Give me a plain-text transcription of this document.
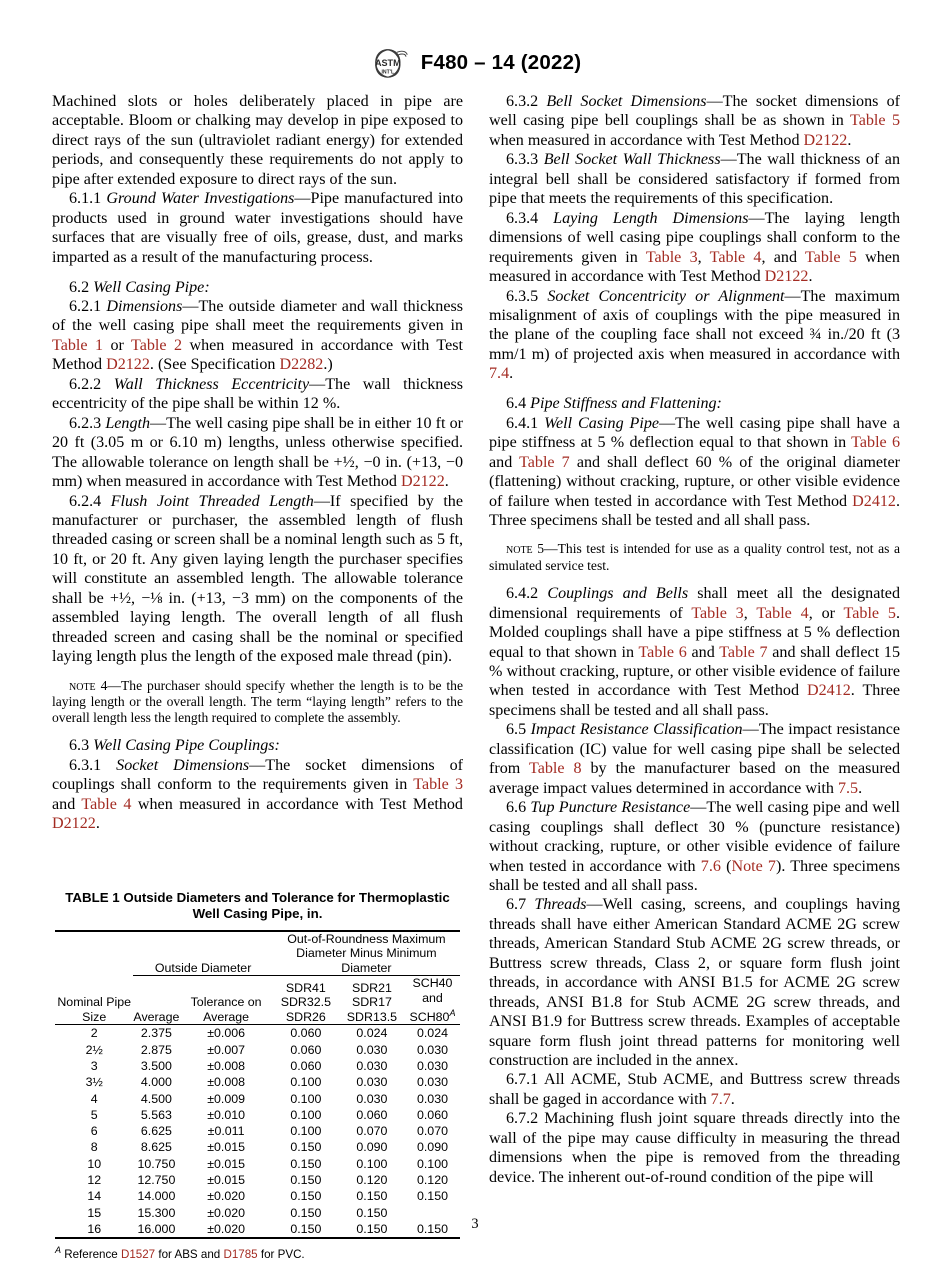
ASTM
INT'L F480 – 14 (2022)

Machined slots or holes deliberately placed in pipe are acceptable. Bloom or chalking may develop in pipe exposed to direct rays of the sun (ultraviolet radiant energy) for extended periods, and consequently these requirements do not apply to pipe after extended exposure to direct rays of the sun.

6.1.1 Ground Water Investigations—Pipe manufactured into products used in ground water investigations should have surfaces that are visually free of oils, grease, dust, and marks imparted as a result of the manufacturing process.

6.2 Well Casing Pipe:

6.2.1 Dimensions—The outside diameter and wall thickness of the well casing pipe shall meet the requirements given in Table 1 or Table 2 when measured in accordance with Test Method D2122. (See Specification D2282.)

6.2.2 Wall Thickness Eccentricity—The wall thickness eccentricity of the pipe shall be within 12 %.

6.2.3 Length—The well casing pipe shall be in either 10 ft or 20 ft (3.05 m or 6.10 m) lengths, unless otherwise specified. The allowable tolerance on length shall be +½, −0 in. (+13, −0 mm) when measured in accordance with Test Method D2122.

6.2.4 Flush Joint Threaded Length—If specified by the manufacturer or purchaser, the assembled length of flush threaded casing or screen shall be a nominal length such as 5 ft, 10 ft, or 20 ft. Any given laying length the purchaser specifies will constitute an assembled length. The allowable tolerance shall be +½, −⅛ in. (+13, −3 mm) on the components of the assembled laying length. The overall length of all flush threaded screen and casing shall be the nominal or specified laying length plus the length of the exposed male thread (pin).

note 4—The purchaser should specify whether the length is to be the laying length or the overall length. The term “laying length” refers to the overall length less the length required to complete the assembly.

6.3 Well Casing Pipe Couplings:

6.3.1 Socket Dimensions—The socket dimensions of couplings shall conform to the requirements given in Table 3 and Table 4 when measured in accordance with Test Method D2122.

TABLE 1 Outside Diameters and Tolerance for Thermoplastic Well Casing Pipe, in.
Nominal Pipe Size	Outside Diameter		Out-of-Roundness Maximum Diameter Minus Minimum Diameter		
	Average	Tolerance on Average	SDR41 SDR32.5 SDR26	SDR21 SDR17 SDR13.5	SCH40 and $SCH80^A$

2	2.375	±0.006	0.060	0.024	0.024
2½	2.875	±0.007	0.060	0.030	0.030
3	3.500	±0.008	0.060	0.030	0.030
3½	4.000	±0.008	0.100	0.030	0.030
4	4.500	±0.009	0.100	0.030	0.030
5	5.563	±0.010	0.100	0.060	0.060
6	6.625	±0.011	0.100	0.070	0.070
8	8.625	±0.015	0.150	0.090	0.090
10	10.750	±0.015	0.150	0.100	0.100
12	12.750	±0.015	0.150	0.120	0.120
14	14.000	±0.020	0.150	0.150	0.150
15	15.300	±0.020	0.150	0.150	
16	16.000	±0.020	0.150	0.150	0.150
$^A$ Reference D1527 for ABS and D1785 for PVC.

6.3.2 Bell Socket Dimensions—The socket dimensions of well casing pipe bell couplings shall be as shown in Table 5 when measured in accordance with Test Method D2122.

6.3.3 Bell Socket Wall Thickness—The wall thickness of an integral bell shall be considered satisfactory if formed from pipe that meets the requirements of this specification.

6.3.4 Laying Length Dimensions—The laying length dimensions of well casing pipe couplings shall conform to the requirements given in Table 3, Table 4, and Table 5 when measured in accordance with Test Method D2122.

6.3.5 Socket Concentricity or Alignment—The maximum misalignment of axis of couplings with the pipe measured in the plane of the coupling face shall not exceed ¾ in./20 ft (3 mm/1 m) of projected axis when measured in accordance with 7.4.

6.4 Pipe Stiffness and Flattening:

6.4.1 Well Casing Pipe—The well casing pipe shall have a pipe stiffness at 5 % deflection equal to that shown in Table 6 and Table 7 and shall deflect 60 % of the original diameter (flattening) without cracking, rupture, or other visible evidence of failure when tested in accordance with Test Method D2412. Three specimens shall be tested and all shall pass.

note 5—This test is intended for use as a quality control test, not as a simulated service test.

6.4.2 Couplings and Bells shall meet all the designated dimensional requirements of Table 3, Table 4, or Table 5. Molded couplings shall have a pipe stiffness at 5 % deflection equal to that shown in Table 6 and Table 7 and shall deflect 15 % without cracking, rupture, or other visible evidence of failure when tested in accordance with Test Method D2412. Three specimens shall be tested and all shall pass.

6.5 Impact Resistance Classification—The impact resistance classification (IC) value for well casing pipe shall be selected from Table 8 by the manufacturer based on the measured average impact values determined in accordance with 7.5.

6.6 Tup Puncture Resistance—The well casing pipe and well casing couplings shall deflect 30 % (puncture resistance) without cracking, rupture, or other visible evidence of failure when tested in accordance with 7.6 (Note 7). Three specimens shall be tested and all shall pass.

6.7 Threads—Well casing, screens, and couplings having threads shall have either American Standard ACME 2G screw threads, American Standard Stub ACME 2G screw threads, or Buttress screw threads, Class 2, or square form flush joint threads, in accordance with ANSI B1.5 for ACME 2G screw threads, ANSI B1.8 for Stub ACME 2G screw threads, and ANSI B1.9 for Buttress screw threads. Examples of acceptable square form flush joint thread patterns for monitoring well construction are included in the annex.

6.7.1 All ACME, Stub ACME, and Buttress screw threads shall be gaged in accordance with 7.7.

6.7.2 Machining flush joint square threads directly into the wall of the pipe may cause difficulty in measuring the thread dimensions when the pipe is removed from the threading device. The inherent out-of-round condition of the pipe will

3
